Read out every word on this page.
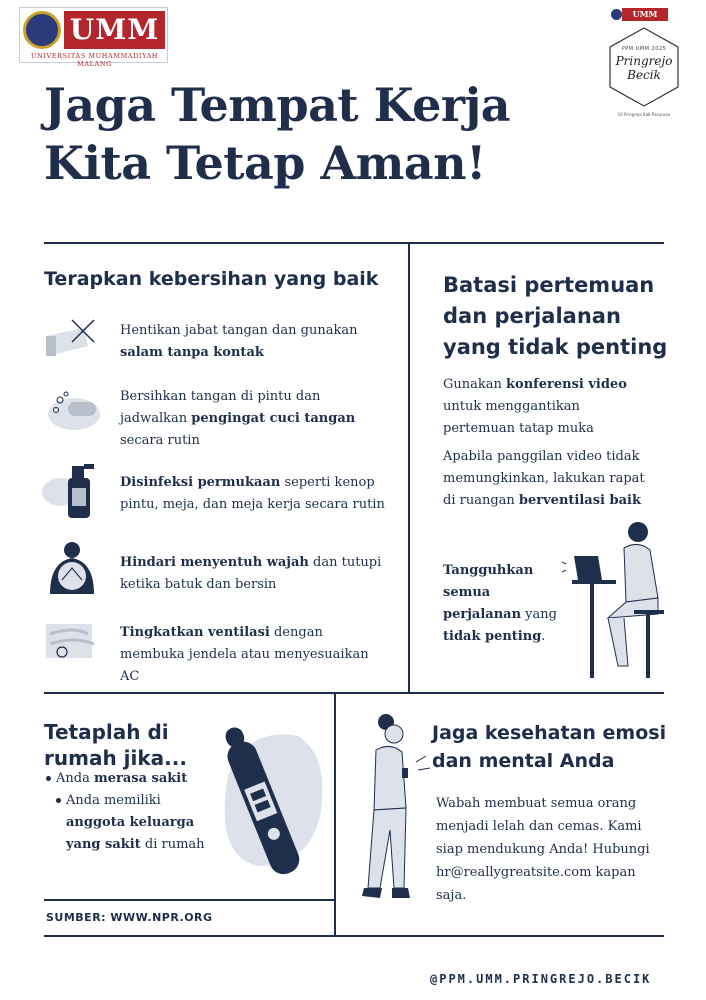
UMM
UNIVERSITAS MUHAMMADIYAH MALANG
UMM
PPM UMM 2025
Pringrejo
Becik
16 Pringrejo Kab Pasuruan
Jaga Tempat Kerja
Kita Tetap Aman!
Terapkan kebersihan yang baik
Hentikan jabat tangan dan gunakan salam tanpa kontak
Bersihkan tangan di pintu dan jadwalkan pengingat cuci tangan secara rutin
Disinfeksi permukaan seperti kenop pintu, meja, dan meja kerja secara rutin
Hindari menyentuh wajah dan tutupi ketika batuk dan bersin
Tingkatkan ventilasi dengan membuka jendela atau menyesuaikan AC
Batasi pertemuan dan perjalanan yang tidak penting
Gunakan konferensi video untuk menggantikan pertemuan tatap muka
Apabila panggilan video tidak memungkinkan, lakukan rapat di ruangan berventilasi baik
Tangguhkan semua perjalanan yang tidak penting.
Tetaplah di rumah jika...
Anda merasa sakit
Anda memiliki anggota keluarga yang sakit di rumah
SUMBER: WWW.NPR.ORG
Jaga kesehatan emosi dan mental Anda
Wabah membuat semua orang menjadi lelah dan cemas. Kami siap mendukung Anda! Hubungi hr@reallygreatsite.com kapan saja.
@PPM.UMM.PRINGREJO.BECIK
